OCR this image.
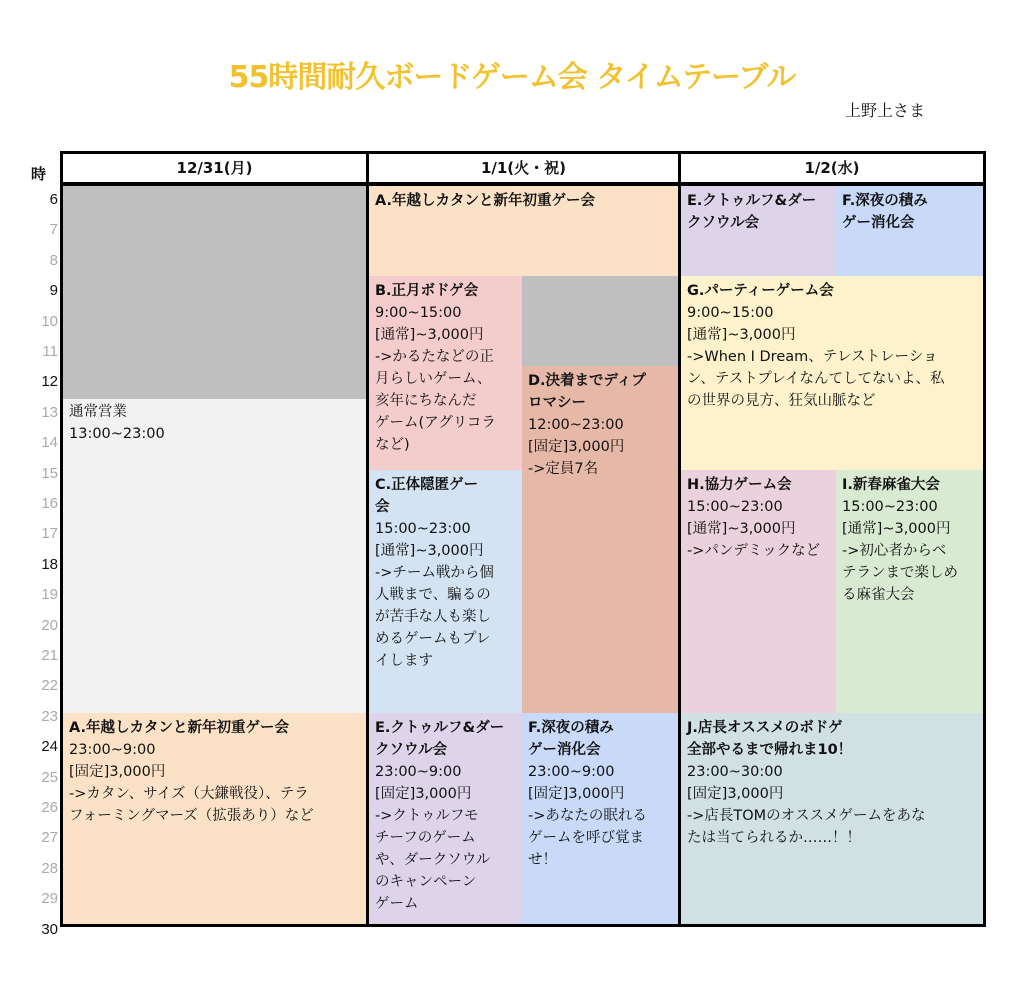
55時間耐久ボードゲーム会 タイムテーブル
上野上さま
時
6
7
8
9
10
11
12
13
14
15
16
17
18
19
20
21
22
23
24
25
26
27
28
29
30
通常営業
13:00~23:00
A.年越しカタンと新年初重ゲー会
23:00~9:00
[固定]3,000円
->カタン、サイズ（大鎌戦役）、テラ
フォーミングマーズ（拡張あり）など
A.年越しカタンと新年初重ゲー会
B.正月ボドゲ会
9:00~15:00
[通常]~3,000円
->かるたなどの正
月らしいゲーム、
亥年にちなんだ
ゲーム(アグリコラ
など)
D.決着までディプ
ロマシー
12:00~23:00
[固定]3,000円
->定員7名
C.正体隠匿ゲー
会
15:00~23:00
[通常]~3,000円
->チーム戦から個
人戦まで、騙るの
が苦手な人も楽し
めるゲームもプレ
イします
E.クトゥルフ&ダー
クソウル会
23:00~9:00
[固定]3,000円
->クトゥルフモ
チーフのゲーム
や、ダークソウル
のキャンペーン
ゲーム
F.深夜の積み
ゲー消化会
23:00~9:00
[固定]3,000円
->あなたの眠れる
ゲームを呼び覚ま
せ！
E.クトゥルフ&ダー
クソウル会
F.深夜の積み
ゲー消化会
G.パーティーゲーム会
9:00~15:00
[通常]~3,000円
->When I Dream、テレストレーショ
ン、テストプレイなんてしてないよ、私
の世界の見方、狂気山脈など
H.協力ゲーム会
15:00~23:00
[通常]~3,000円
->パンデミックなど
I.新春麻雀大会
15:00~23:00
[通常]~3,000円
->初心者からベ
テランまで楽しめ
る麻雀大会
J.店長オススメのボドゲ
全部やるまで帰れま10！
23:00~30:00
[固定]3,000円
->店長TOMのオススメゲームをあな
たは当てられるか……！！
12/31(月)	1/1(火・祝)	1/2(水)
